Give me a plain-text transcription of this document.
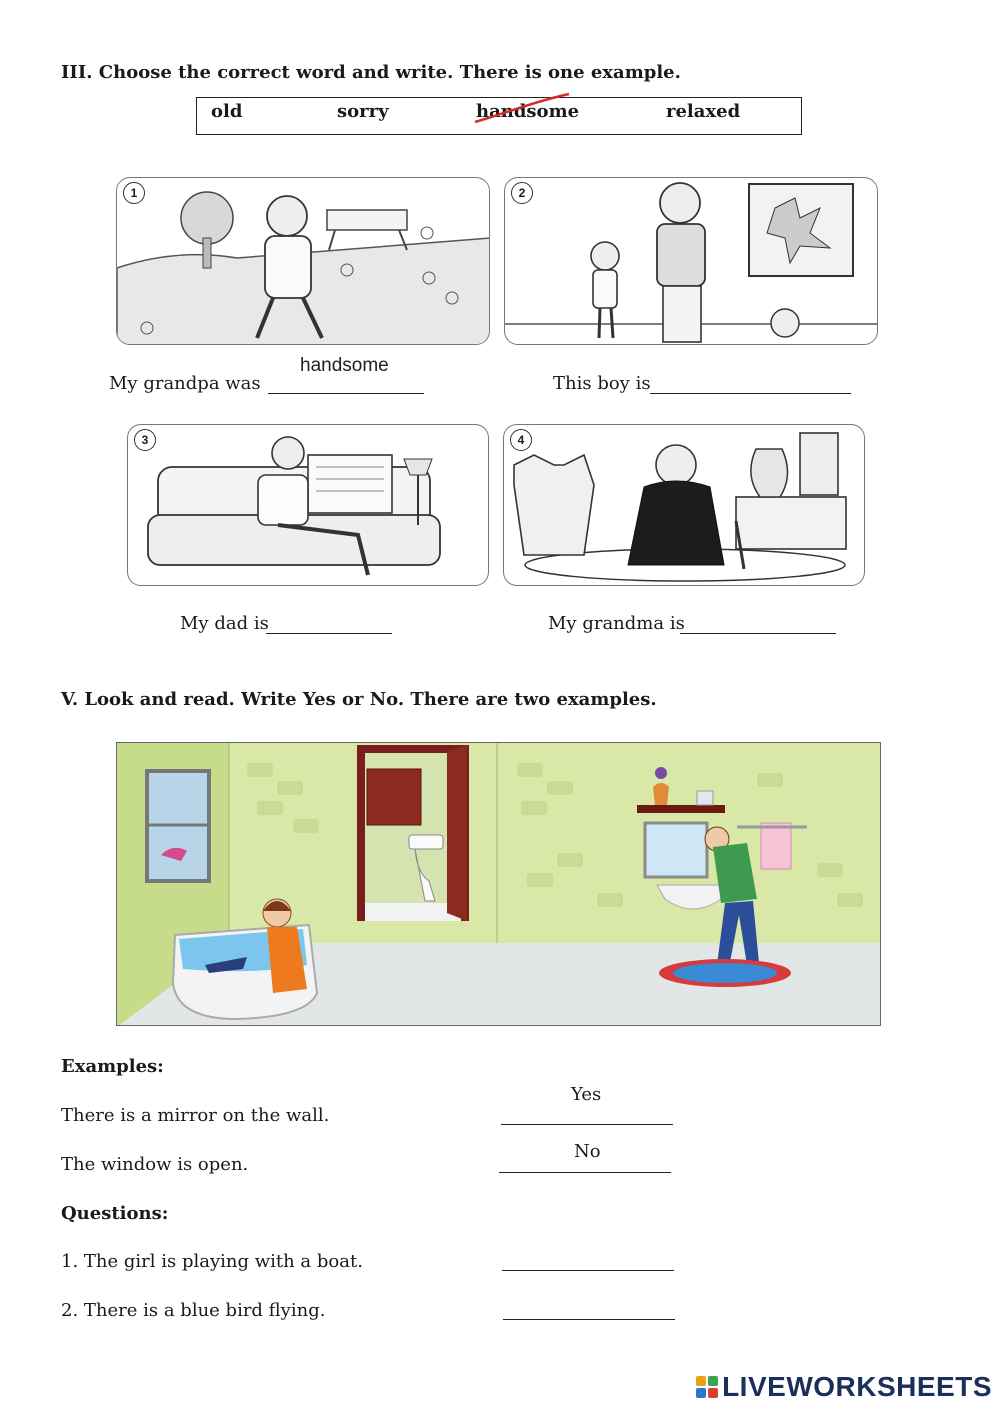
III. Choose the correct word and write. There is one example.
old	sorry	handsome	relaxed
1	2
My grandpa was
handsome
This boy is
3	4
My dad is	My grandma is
V. Look and read. Write Yes or No. There are two examples.
Examples:
There is a mirror on the wall.
Yes
The window is open.
No
Questions:
1. The girl is playing with a boat.
2. There is a blue bird flying.
LIVEWORKSHEETS
